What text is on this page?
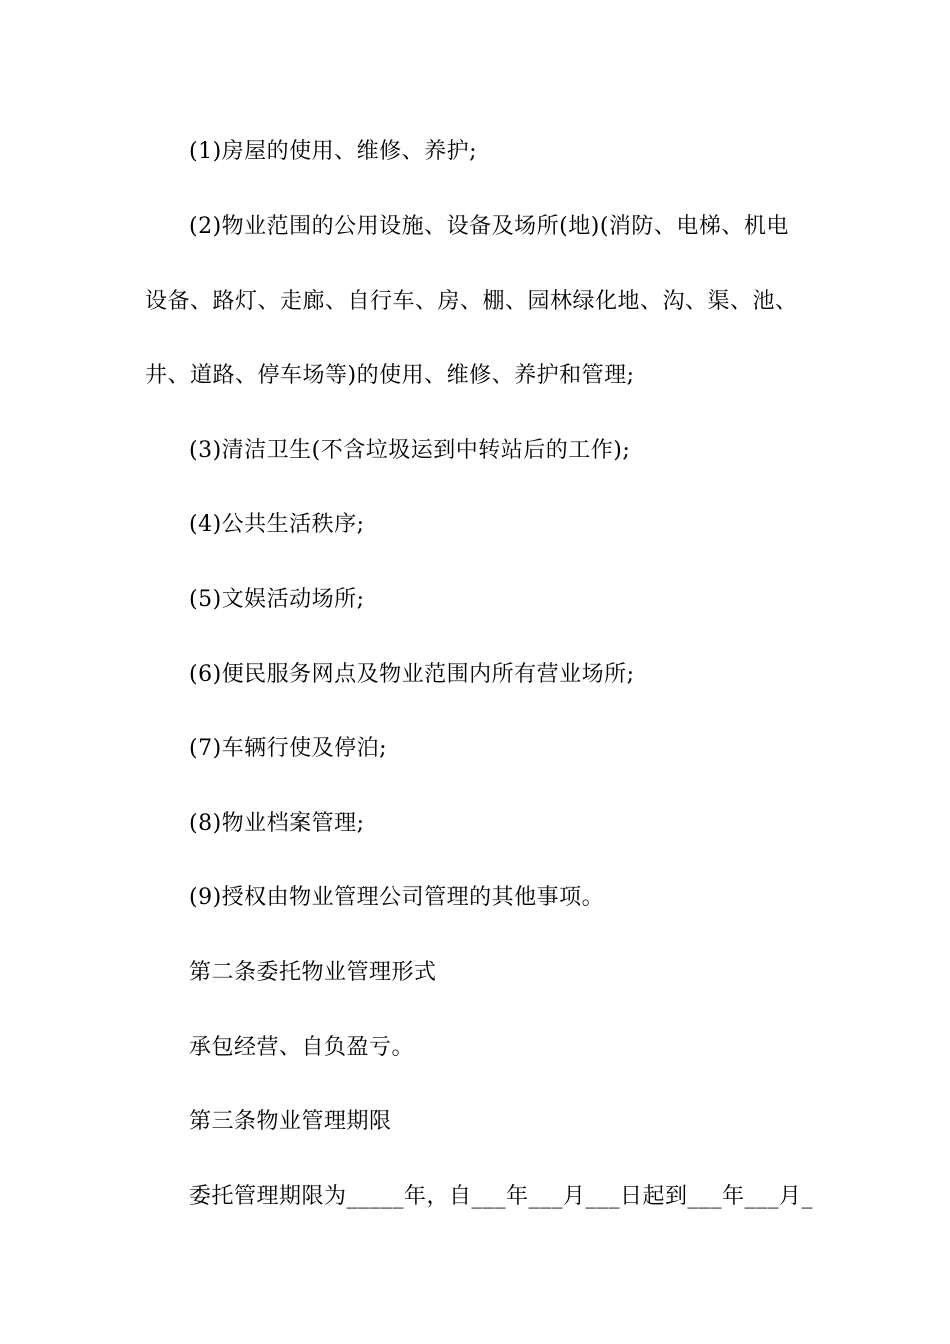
(1)房屋的使用、维修、养护;
(2)物业范围的公用设施、设备及场所(地)(消防、电梯、机电
设备、路灯、走廊、自行车、房、棚、园林绿化地、沟、渠、池、
井、道路、停车场等)的使用、维修、养护和管理;
(3)清洁卫生(不含垃圾运到中转站后的工作);
(4)公共生活秩序;
(5)文娱活动场所;
(6)便民服务网点及物业范围内所有营业场所;
(7)车辆行使及停泊;
(8)物业档案管理;
(9)授权由物业管理公司管理的其他事项。
第二条委托物业管理形式
承包经营、自负盈亏。
第三条物业管理期限
委托管理期限为_____年，自___年___月___日起到___年___月_
